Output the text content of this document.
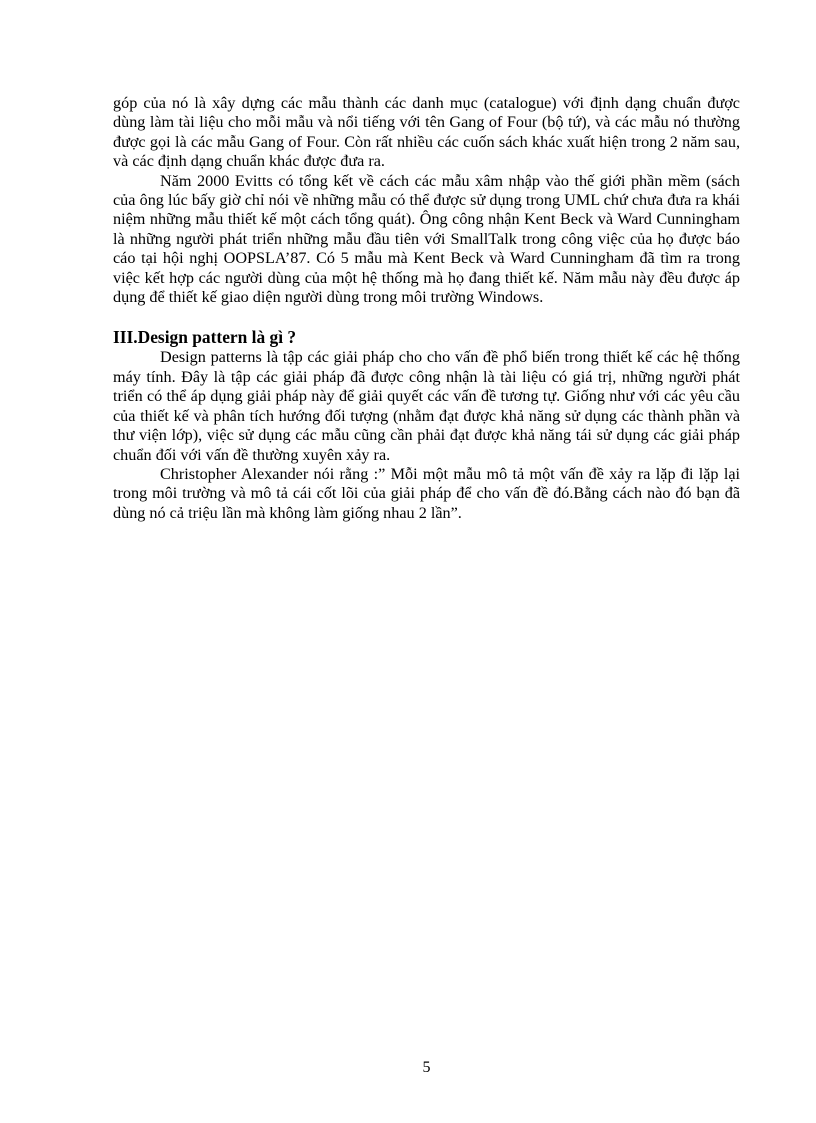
góp của nó là xây dựng các mẫu thành các danh mục (catalogue) với định dạng chuẩn được dùng làm tài liệu cho mỗi mẫu và nổi tiếng với tên Gang of Four (bộ tứ), và các mẫu nó thường được gọi là các mẫu Gang of Four. Còn rất nhiều các cuốn sách khác xuất hiện trong 2 năm sau, và các định dạng chuẩn khác được đưa ra.

Năm 2000 Evitts có tổng kết về cách các mẫu xâm nhập vào thế giới phần mềm (sách của ông lúc bấy giờ chỉ nói về những mẫu có thể được sử dụng trong UML chứ chưa đưa ra khái niệm những mẫu thiết kế một cách tổng quát). Ông công nhận Kent Beck và Ward Cunningham là những người phát triển những mẫu đầu tiên với SmallTalk trong công việc của họ được báo cáo tại hội nghị OOPSLA’87. Có 5 mẫu mà Kent Beck và Ward Cunningham đã tìm ra trong việc kết hợp các người dùng của một hệ thống mà họ đang thiết kế. Năm mẫu này đều được áp dụng để thiết kế giao diện người dùng trong môi trường Windows.

III.Design pattern là gì ?

Design patterns là tập các giải pháp cho cho vấn đề phổ biến trong thiết kế các hệ thống máy tính. Đây là tập các giải pháp đã được công nhận là tài liệu có giá trị, những người phát triển có thể áp dụng giải pháp này để giải quyết các vấn đề tương tự. Giống như với các yêu cầu của thiết kế và phân tích hướng đối tượng (nhằm đạt được khả năng sử dụng các thành phần và thư viện lớp), việc sử dụng các mẫu cũng cần phải đạt được khả năng tái sử dụng các giải pháp chuẩn đối với vấn đề thường xuyên xảy ra.

Christopher Alexander nói rằng :” Mỗi một mẫu mô tả một vấn đề xảy ra lặp đi lặp lại trong môi trường và mô tả cái cốt lõi của giải pháp để cho vấn đề đó.Bằng cách nào đó bạn đã dùng nó cả triệu lần mà không làm giống nhau 2 lần”.

5
